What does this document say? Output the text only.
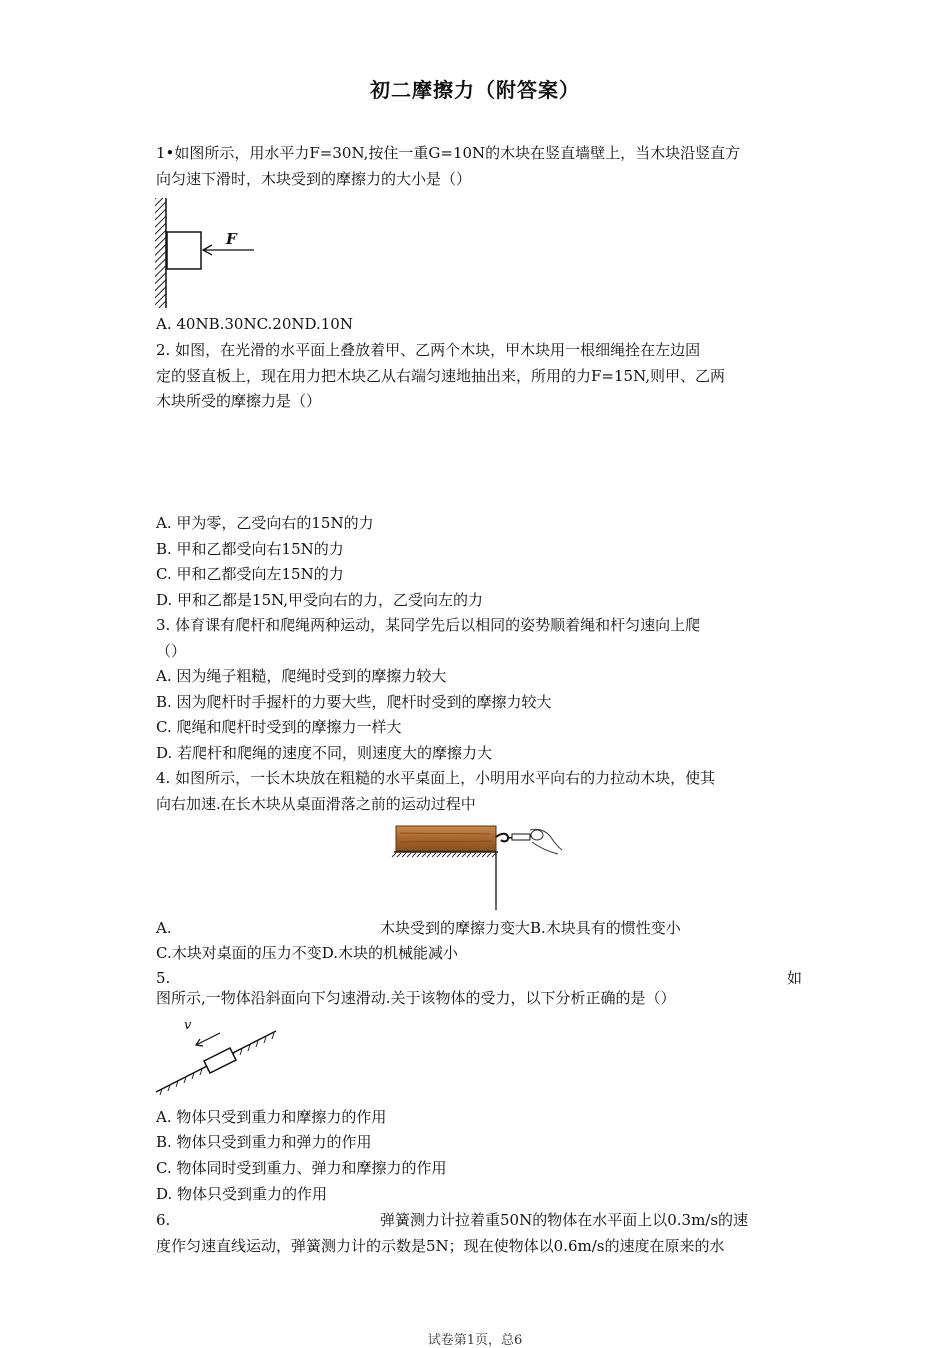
初二摩擦力（附答案）
1•如图所示，用水平力F=30N,按住一重G=10N的木块在竖直墙壁上，当木块沿竖直方
向匀速下滑时，木块受到的摩擦力的大小是（）
F
A. 40NB.30NC.20ND.10N
2. 如图，在光滑的水平面上叠放着甲、乙两个木块，甲木块用一根细绳拴在左边固
定的竖直板上，现在用力把木块乙从右端匀速地抽出来，所用的力F=15N,则甲、乙两
木块所受的摩擦力是（）
A. 甲为零，乙受向右的15N的力
B. 甲和乙都受向右15N的力
C. 甲和乙都受向左15N的力
D. 甲和乙都是15N,甲受向右的力，乙受向左的力
3. 体育课有爬杆和爬绳两种运动，某同学先后以相同的姿势顺着绳和杆匀速向上爬
（）
A. 因为绳子粗糙，爬绳时受到的摩擦力较大
B. 因为爬杆时手握杆的力要大些，爬杆时受到的摩擦力较大
C. 爬绳和爬杆时受到的摩擦力一样大
D. 若爬杆和爬绳的速度不同，则速度大的摩擦力大
4. 如图所示，一长木块放在粗糙的水平桌面上，小明用水平向右的力拉动木块，使其
向右加速.在长木块从桌面滑落之前的运动过程中
A.	木块受到的摩擦力变大B.木块具有的惯性变小
C.木块对桌面的压力不变D.木块的机械能减小
5.	如
图所示,一物体沿斜面向下匀速滑动.关于该物体的受力，以下分析正确的是（）
v
A. 物体只受到重力和摩擦力的作用
B. 物体只受到重力和弹力的作用
C. 物体同时受到重力、弹力和摩擦力的作用
D. 物体只受到重力的作用
6.	弹簧测力计拉着重50N的物体在水平面上以0.3m/s的速
度作匀速直线运动，弹簧测力计的示数是5N；现在使物体以0.6m/s的速度在原来的水
试卷第1页，总6
